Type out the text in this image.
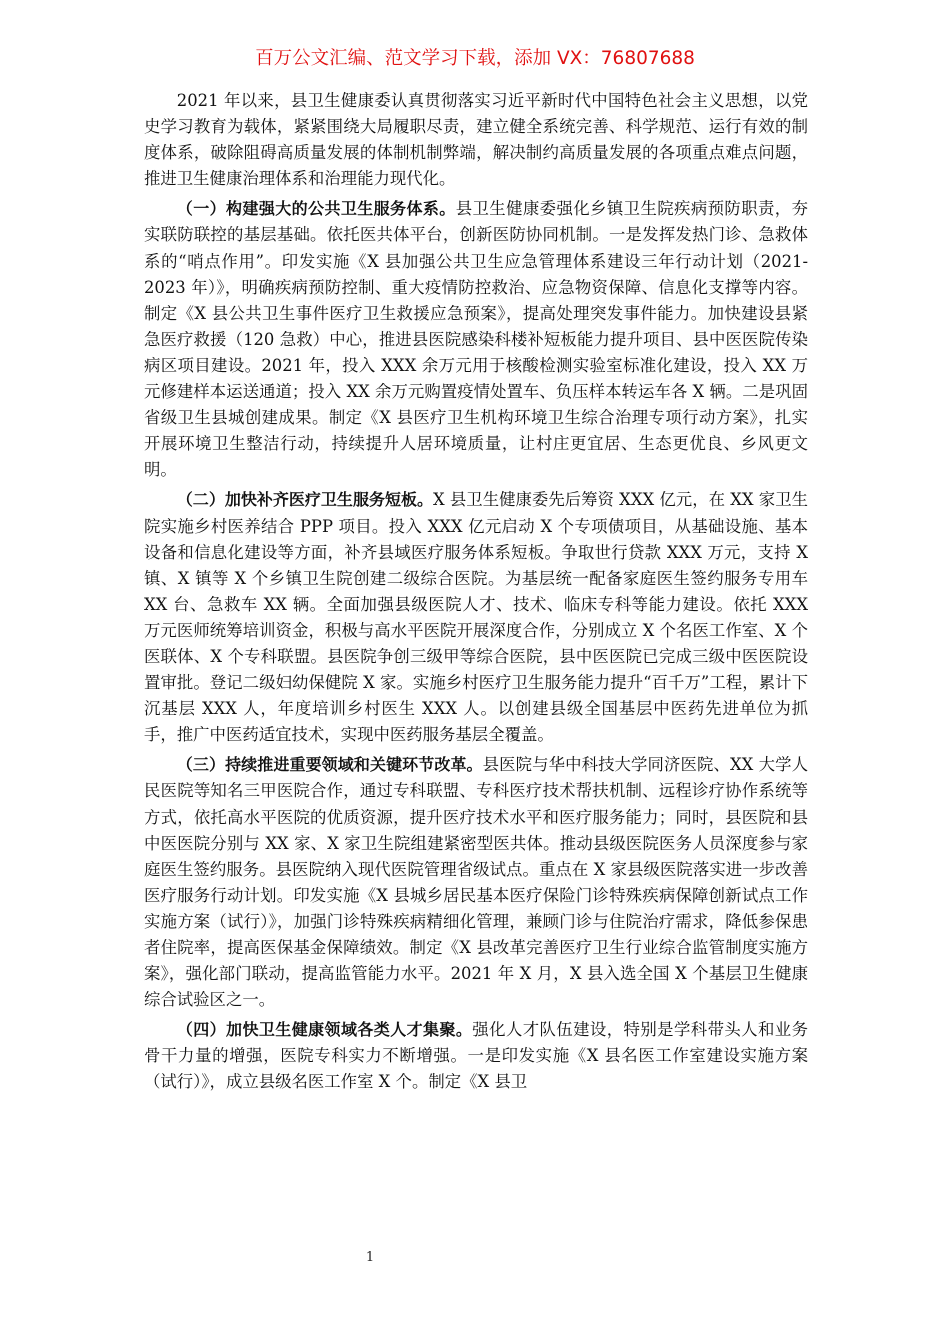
百万公文汇编、范文学习下载，添加 VX：76807688

2021 年以来，县卫生健康委认真贯彻落实习近平新时代中国特色社会主义思想，以党史学习教育为载体，紧紧围绕大局履职尽责，建立健全系统完善、科学规范、运行有效的制度体系，破除阻碍高质量发展的体制机制弊端，解决制约高质量发展的各项重点难点问题，推进卫生健康治理体系和治理能力现代化。

（一）构建强大的公共卫生服务体系。县卫生健康委强化乡镇卫生院疾病预防职责，夯实联防联控的基层基础。依托医共体平台，创新医防协同机制。一是发挥发热门诊、急救体系的“哨点作用”。印发实施《X 县加强公共卫生应急管理体系建设三年行动计划（2021-2023 年）》，明确疾病预防控制、重大疫情防控救治、应急物资保障、信息化支撑等内容。制定《X 县公共卫生事件医疗卫生救援应急预案》，提高处理突发事件能力。加快建设县紧急医疗救援（120 急救）中心，推进县医院感染科楼补短板能力提升项目、县中医医院传染病区项目建设。2021 年，投入 XXX 余万元用于核酸检测实验室标准化建设，投入 XX 万元修建样本运送通道；投入 XX 余万元购置疫情处置车、负压样本转运车各 X 辆。二是巩固省级卫生县城创建成果。制定《X 县医疗卫生机构环境卫生综合治理专项行动方案》，扎实开展环境卫生整洁行动，持续提升人居环境质量，让村庄更宜居、生态更优良、乡风更文明。

（二）加快补齐医疗卫生服务短板。X 县卫生健康委先后筹资 XXX 亿元，在 XX 家卫生院实施乡村医养结合 PPP 项目。投入 XXX 亿元启动 X 个专项债项目，从基础设施、基本设备和信息化建设等方面，补齐县域医疗服务体系短板。争取世行贷款 XXX 万元，支持 X 镇、X 镇等 X 个乡镇卫生院创建二级综合医院。为基层统一配备家庭医生签约服务专用车 XX 台、急救车 XX 辆。全面加强县级医院人才、技术、临床专科等能力建设。依托 XXX 万元医师统筹培训资金，积极与高水平医院开展深度合作，分别成立 X 个名医工作室、X 个医联体、X 个专科联盟。县医院争创三级甲等综合医院，县中医医院已完成三级中医医院设置审批。登记二级妇幼保健院 X 家。实施乡村医疗卫生服务能力提升“百千万”工程，累计下沉基层 XXX 人，年度培训乡村医生 XXX 人。以创建县级全国基层中医药先进单位为抓手，推广中医药适宜技术，实现中医药服务基层全覆盖。

（三）持续推进重要领域和关键环节改革。县医院与华中科技大学同济医院、XX 大学人民医院等知名三甲医院合作，通过专科联盟、专科医疗技术帮扶机制、远程诊疗协作系统等方式，依托高水平医院的优质资源，提升医疗技术水平和医疗服务能力；同时，县医院和县中医医院分别与 XX 家、X 家卫生院组建紧密型医共体。推动县级医院医务人员深度参与家庭医生签约服务。县医院纳入现代医院管理省级试点。重点在 X 家县级医院落实进一步改善医疗服务行动计划。印发实施《X 县城乡居民基本医疗保险门诊特殊疾病保障创新试点工作实施方案（试行）》，加强门诊特殊疾病精细化管理，兼顾门诊与住院治疗需求，降低参保患者住院率，提高医保基金保障绩效。制定《X 县改革完善医疗卫生行业综合监管制度实施方案》，强化部门联动，提高监管能力水平。2021 年 X 月，X 县入选全国 X 个基层卫生健康综合试验区之一。

（四）加快卫生健康领域各类人才集聚。强化人才队伍建设，特别是学科带头人和业务骨干力量的增强，医院专科实力不断增强。一是印发实施《X 县名医工作室建设实施方案（试行）》，成立县级名医工作室 X 个。制定《X 县卫

1
